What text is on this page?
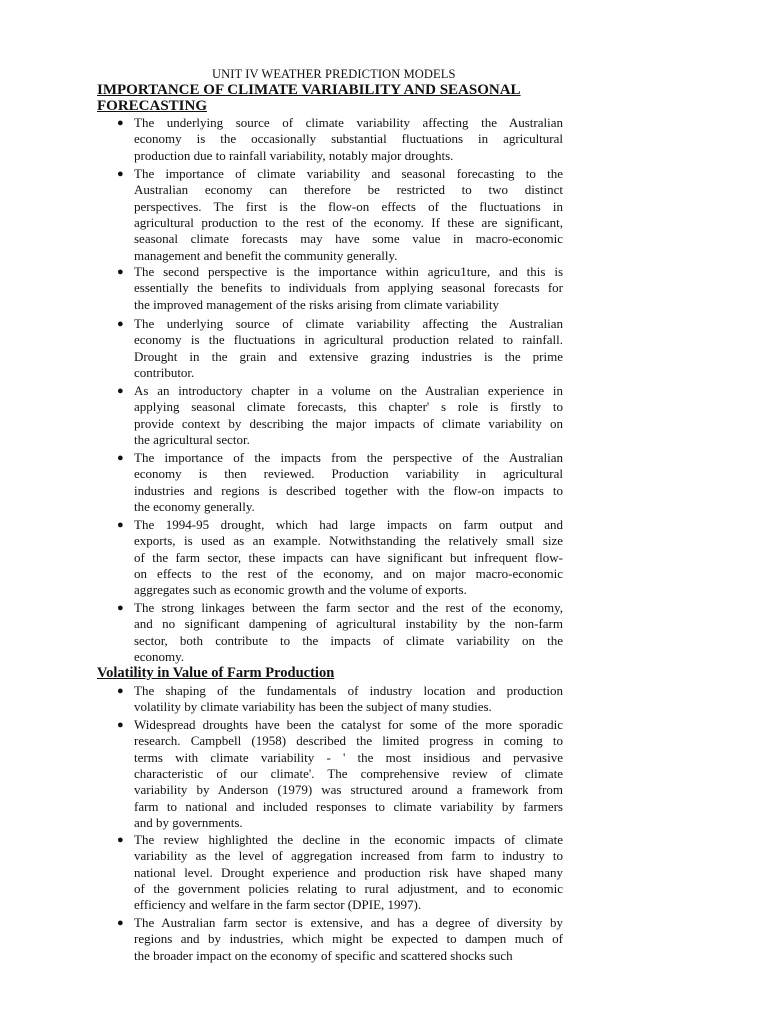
UNIT IV WEATHER PREDICTION MODELS
IMPORTANCE OF CLIMATE VARIABILITY AND SEASONAL FORECASTING
● The underlying source of climate variability affecting the Australian
economy is the occasionally substantial fluctuations in agricultural
production due to rainfall variability, notably major droughts.
● The importance of climate variability and seasonal forecasting to the
Australian economy can therefore be restricted to two distinct
perspectives. The first is the flow-on effects of the fluctuations in
agricultural production to the rest of the economy. If these are significant,
seasonal climate forecasts may have some value in macro-economic
management and benefit the community generally.
● The second perspective is the importance within agricu1ture, and this is
essentially the benefits to individuals from applying seasonal forecasts for
the improved management of the risks arising from climate variability
● The underlying source of climate variability affecting the Australian
economy is the fluctuations in agricultural production related to rainfall.
Drought in the grain and extensive grazing industries is the prime
contributor.
● As an introductory chapter in a volume on the Australian experience in
applying seasonal climate forecasts, this chapter' s role is firstly to
provide context by describing the major impacts of climate variability on
the agricultural sector.
● The importance of the impacts from the perspective of the Australian
economy is then reviewed. Production variability in agricultural
industries and regions is described together with the flow-on impacts to
the economy generally.
● The 1994-95 drought, which had large impacts on farm output and
exports, is used as an example. Notwithstanding the relatively small size
of the farm sector, these impacts can have significant but infrequent flow-
on effects to the rest of the economy, and on major macro-economic
aggregates such as economic growth and the volume of exports.
● The strong linkages between the farm sector and the rest of the economy,
and no significant dampening of agricultural instability by the non-farm
sector, both contribute to the impacts of climate variability on the
economy.
Volatility in Value of Farm Production
● The shaping of the fundamentals of industry location and production
volatility by climate variability has been the subject of many studies.
● Widespread droughts have been the catalyst for some of the more sporadic
research. Campbell (1958) described the limited progress in coming to
terms with climate variability - ' the most insidious and pervasive
characteristic of our climate'. The comprehensive review of climate
variability by Anderson (1979) was structured around a framework from
farm to national and included responses to climate variability by farmers
and by governments.
● The review highlighted the decline in the economic impacts of climate
variability as the level of aggregation increased from farm to industry to
national level. Drought experience and production risk have shaped many
of the government policies relating to rural adjustment, and to economic
efficiency and welfare in the farm sector (DPIE, 1997).
● The Australian farm sector is extensive, and has a degree of diversity by
regions and by industries, which might be expected to dampen much of
the broader impact on the economy of specific and scattered shocks such
